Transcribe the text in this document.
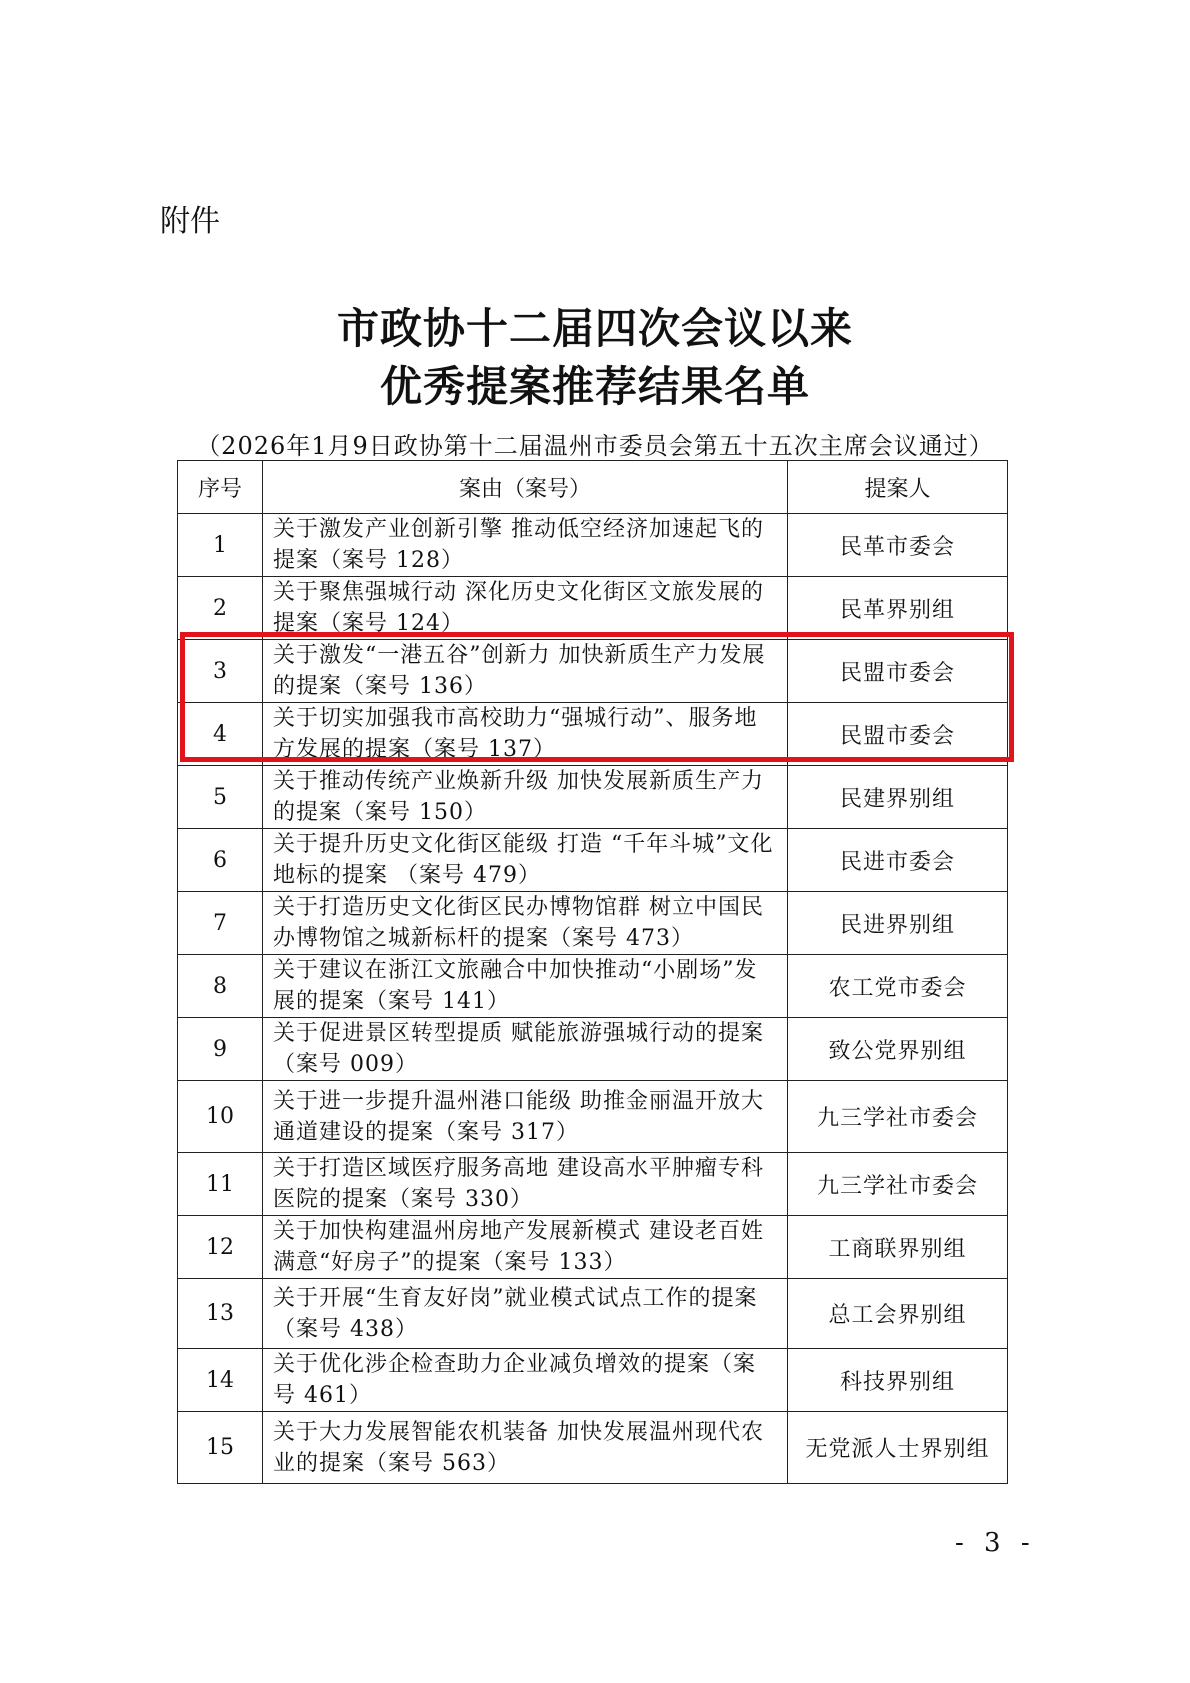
附件
市政协十二届四次会议以来
优秀提案推荐结果名单
（2026年1月9日政协第十二届温州市委员会第五十五次主席会议通过）
序号	案由（案号）	提案人
1	关于激发产业创新引擎 推动低空经济加速起飞的提案（案号 128）	民革市委会
2	关于聚焦强城行动 深化历史文化街区文旅发展的提案（案号 124）	民革界别组
3	关于激发“一港五谷”创新力 加快新质生产力发展的提案（案号 136）	民盟市委会
4	关于切实加强我市高校助力“强城行动”、服务地方发展的提案（案号 137）	民盟市委会
5	关于推动传统产业焕新升级 加快发展新质生产力的提案（案号 150）	民建界别组
6	关于提升历史文化街区能级 打造 “千年斗城”文化地标的提案 （案号 479）	民进市委会
7	关于打造历史文化街区民办博物馆群 树立中国民办博物馆之城新标杆的提案（案号 473）	民进界别组
8	关于建议在浙江文旅融合中加快推动“小剧场”发展的提案（案号 141）	农工党市委会
9	关于促进景区转型提质 赋能旅游强城行动的提案（案号 009）	致公党界别组
10	关于进一步提升温州港口能级 助推金丽温开放大通道建设的提案（案号 317）	九三学社市委会
11	关于打造区域医疗服务高地 建设高水平肿瘤专科医院的提案（案号 330）	九三学社市委会
12	关于加快构建温州房地产发展新模式 建设老百姓满意“好房子”的提案（案号 133）	工商联界别组
13	关于开展“生育友好岗”就业模式试点工作的提案（案号 438）	总工会界别组
14	关于优化涉企检查助力企业减负增效的提案（案号 461）	科技界别组
15	关于大力发展智能农机装备 加快发展温州现代农业的提案（案号 563）	无党派人士界别组
- 3 -
